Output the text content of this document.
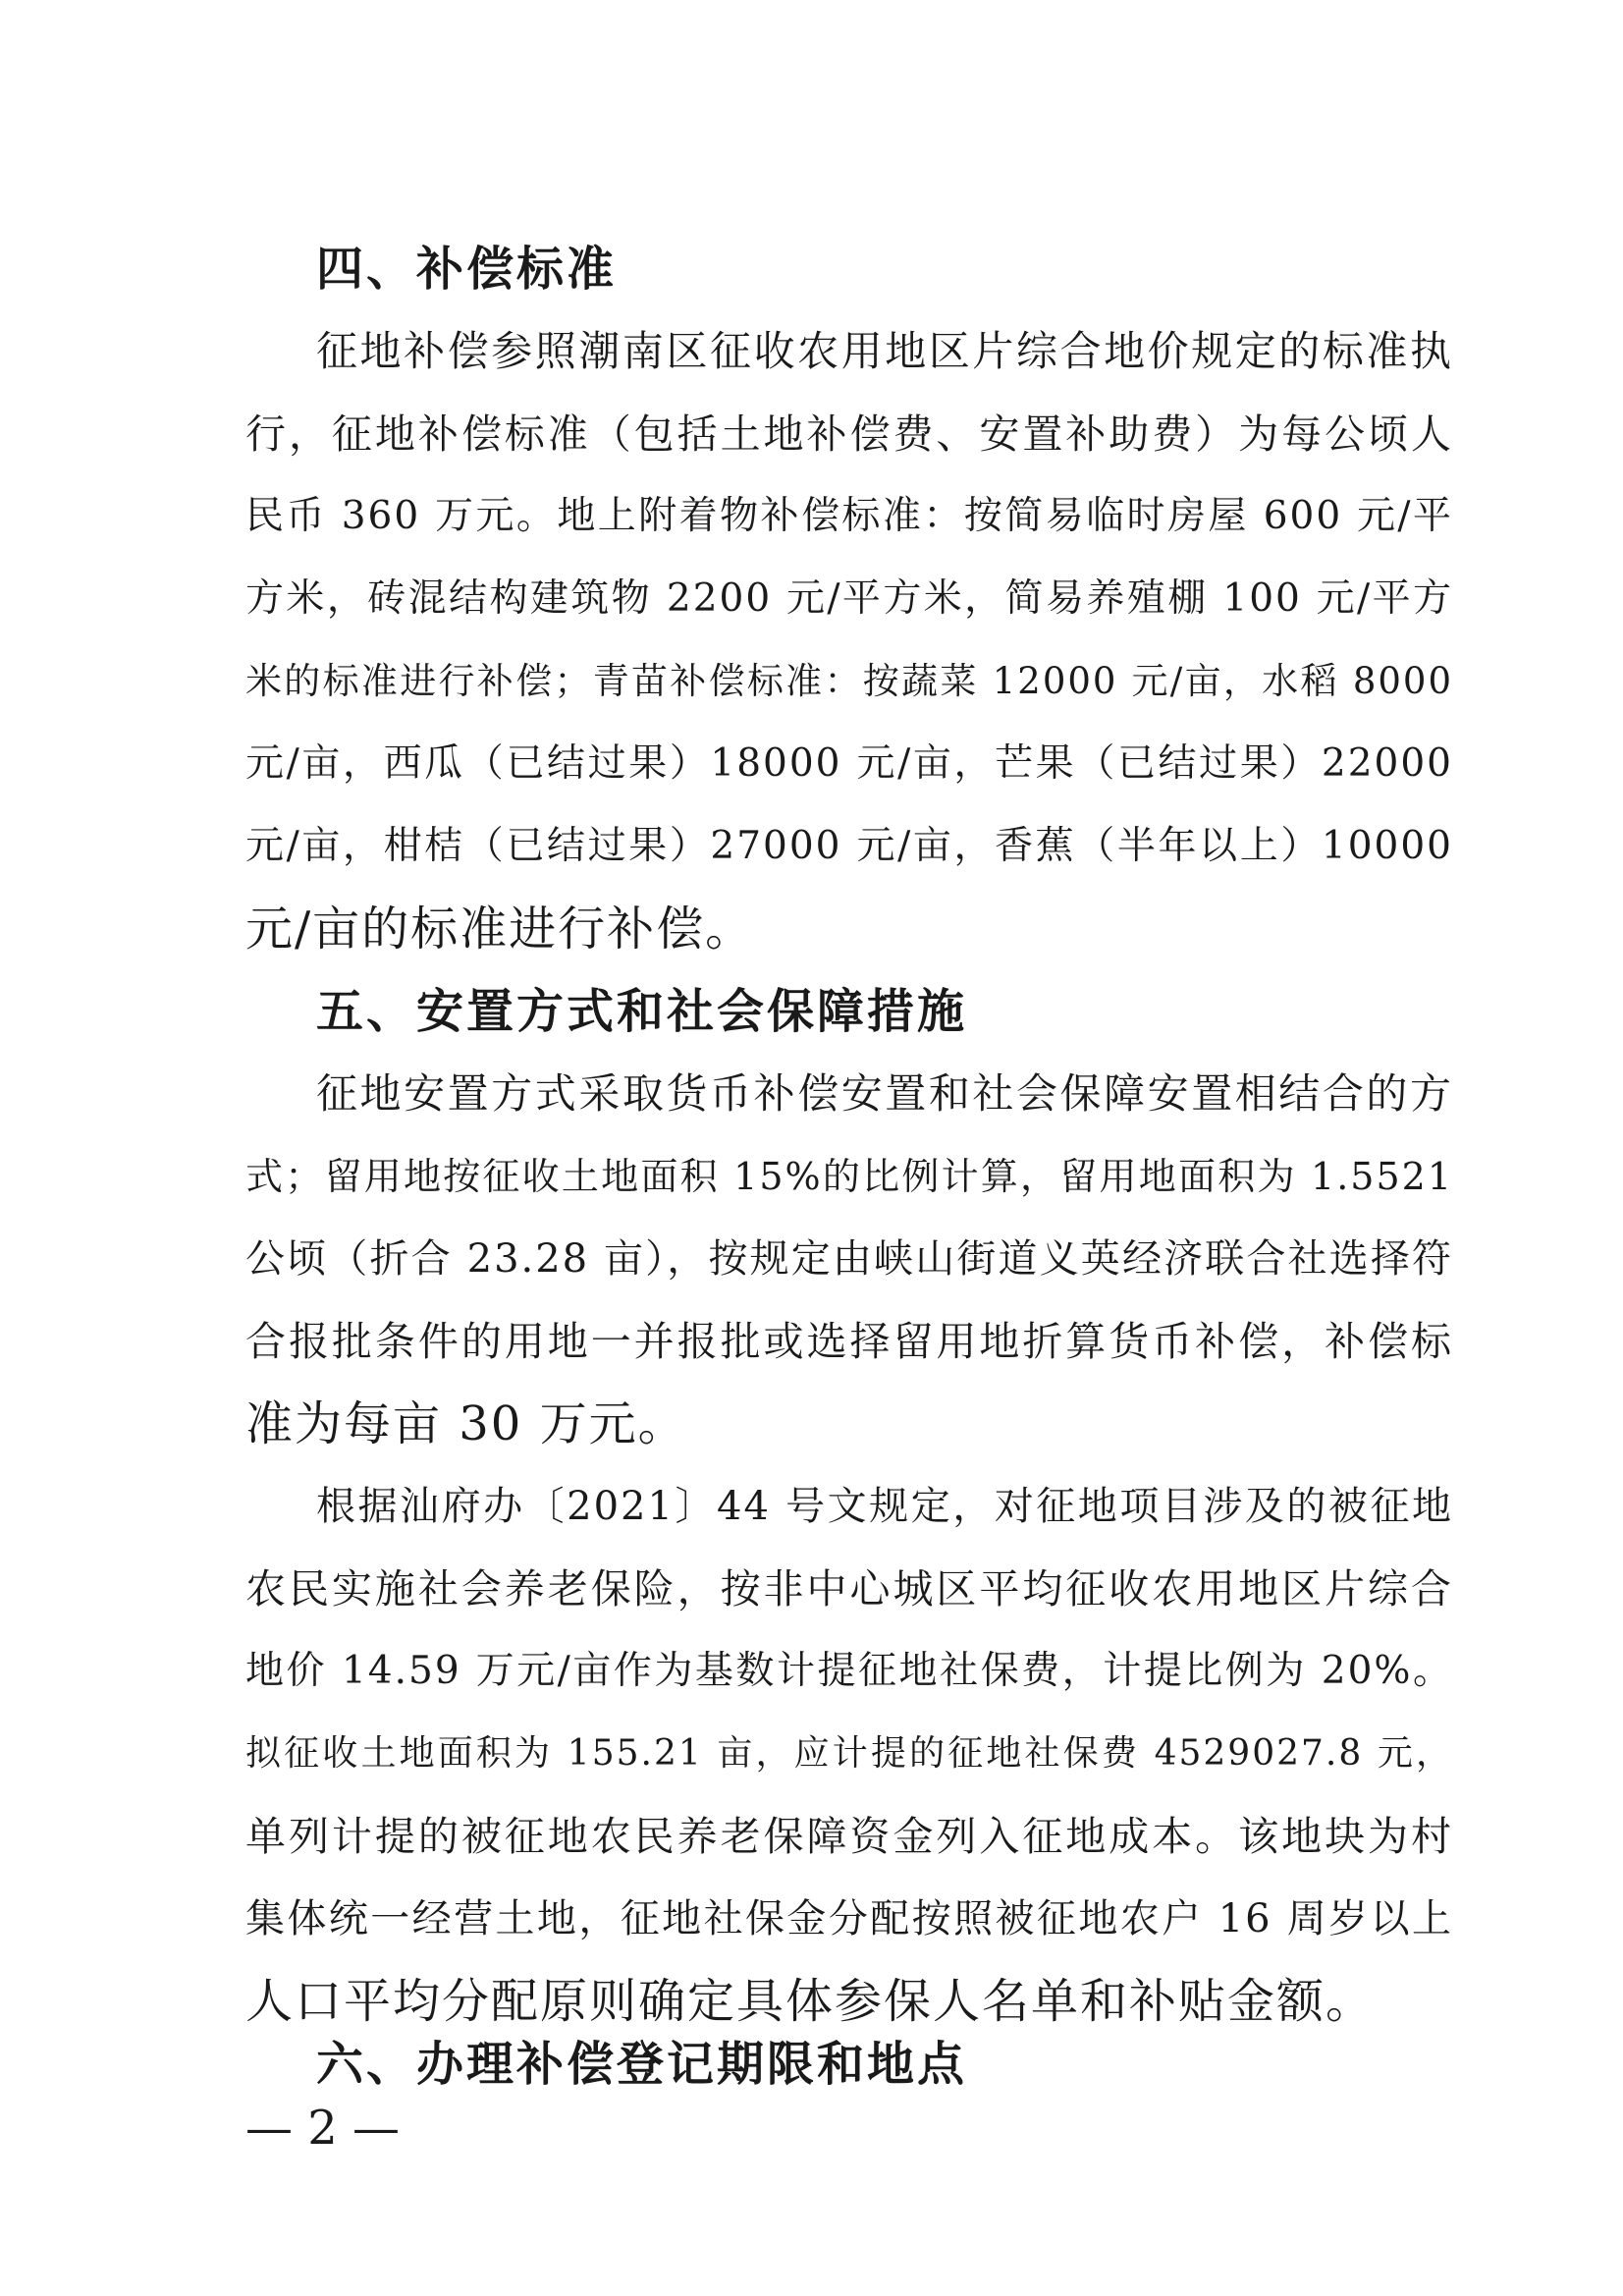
四、补偿标准
征地补偿参照潮南区征收农用地区片综合地价规定的标准执
行，征地补偿标准（包括土地补偿费、安置补助费）为每公顷人
民币 360 万元。地上附着物补偿标准：按简易临时房屋 600 元/平
方米，砖混结构建筑物 2200 元/平方米，简易养殖棚 100 元/平方
米的标准进行补偿；青苗补偿标准：按蔬菜 12000 元/亩，水稻 8000
元/亩，西瓜（已结过果）18000 元/亩，芒果（已结过果）22000
元/亩，柑桔（已结过果）27000 元/亩，香蕉（半年以上）10000
元/亩的标准进行补偿。
五、安置方式和社会保障措施
征地安置方式采取货币补偿安置和社会保障安置相结合的方
式；留用地按征收土地面积 15%的比例计算，留用地面积为 1.5521
公顷（折合 23.28 亩），按规定由峡山街道义英经济联合社选择符
合报批条件的用地一并报批或选择留用地折算货币补偿，补偿标
准为每亩 30 万元。
根据汕府办〔2021〕44 号文规定，对征地项目涉及的被征地
农民实施社会养老保险，按非中心城区平均征收农用地区片综合
地价 14.59 万元/亩作为基数计提征地社保费，计提比例为 20%。
拟征收土地面积为 155.21 亩，应计提的征地社保费 4529027.8 元，
单列计提的被征地农民养老保障资金列入征地成本。该地块为村
集体统一经营土地，征地社保金分配按照被征地农户 16 周岁以上
人口平均分配原则确定具体参保人名单和补贴金额。
六、办理补偿登记期限和地点
— 2 —
